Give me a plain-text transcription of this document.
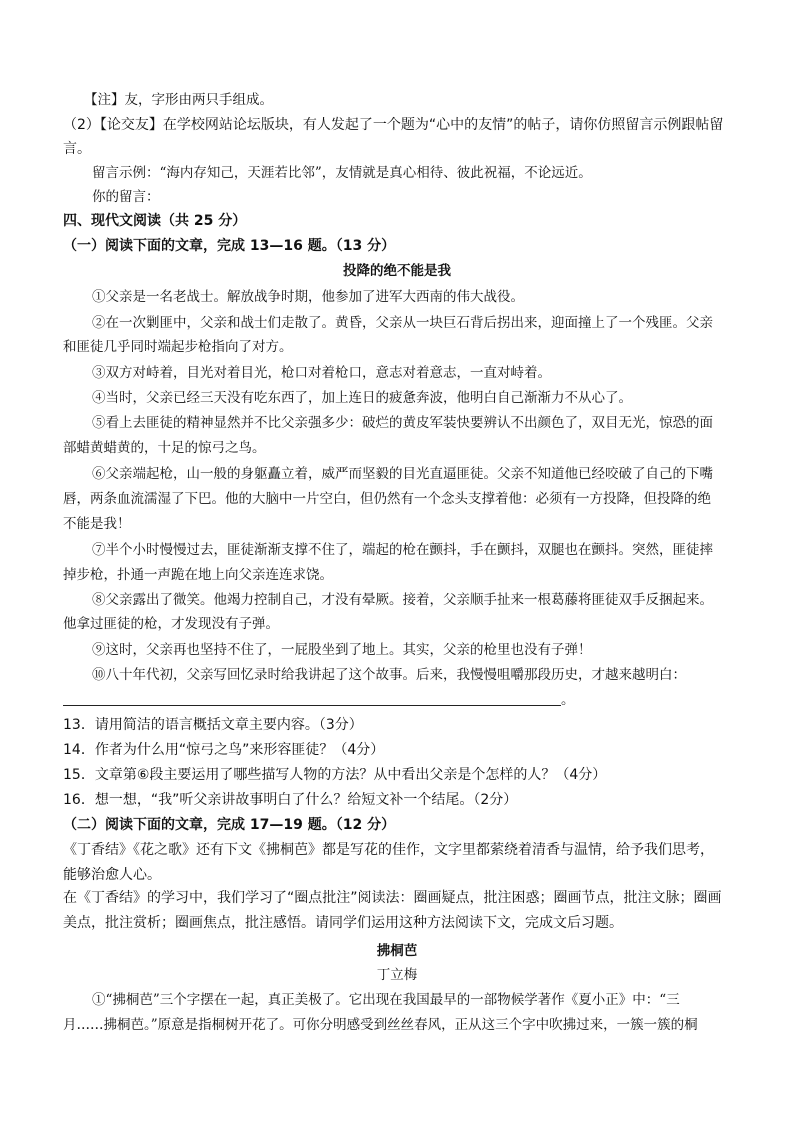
【注】友，字形由两只手组成。
（2）【论交友】在学校网站论坛版块，有人发起了一个题为“心中的友情”的帖子，请你仿照留言示例跟帖留
言。
留言示例：“海内存知己，天涯若比邻”，友情就是真心相待、彼此祝福，不论远近。
你的留言：
四、现代文阅读（共 25 分）
（一）阅读下面的文章，完成 13—16 题。（13 分）
投降的绝不能是我
①父亲是一名老战士。解放战争时期，他参加了进军大西南的伟大战役。
②在一次剿匪中，父亲和战士们走散了。黄昏，父亲从一块巨石背后拐出来，迎面撞上了一个残匪。父亲
和匪徒几乎同时端起步枪指向了对方。
③双方对峙着，目光对着目光，枪口对着枪口，意志对着意志，一直对峙着。
④当时，父亲已经三天没有吃东西了，加上连日的疲惫奔波，他明白自己渐渐力不从心了。
⑤看上去匪徒的精神显然并不比父亲强多少：破烂的黄皮军装快要辨认不出颜色了，双目无光，惊恐的面
部蜡黄蜡黄的，十足的惊弓之鸟。
⑥父亲端起枪，山一般的身躯矗立着，威严而坚毅的目光直逼匪徒。父亲不知道他已经咬破了自己的下嘴
唇，两条血流濡湿了下巴。他的大脑中一片空白，但仍然有一个念头支撑着他：必须有一方投降，但投降的绝
不能是我！
⑦半个小时慢慢过去，匪徒渐渐支撑不住了，端起的枪在颤抖，手在颤抖，双腿也在颤抖。突然，匪徒摔
掉步枪，扑通一声跪在地上向父亲连连求饶。
⑧父亲露出了微笑。他竭力控制自己，才没有晕厥。接着，父亲顺手扯来一根葛藤将匪徒双手反捆起来。
他拿过匪徒的枪，才发现没有子弹。
⑨这时，父亲再也坚持不住了，一屁股坐到了地上。其实，父亲的枪里也没有子弹！
⑩八十年代初，父亲写回忆录时给我讲起了这个故事。后来，我慢慢咀嚼那段历史，才越来越明白：
。
13．请用简洁的语言概括文章主要内容。（3分）
14．作者为什么用“惊弓之鸟”来形容匪徒？（4分）
15．文章第⑥段主要运用了哪些描写人物的方法？从中看出父亲是个怎样的人？（4分）
16．想一想，“我”听父亲讲故事明白了什么？给短文补一个结尾。（2分）
（二）阅读下面的文章，完成 17—19 题。（12 分）
《丁香结》《花之歌》还有下文《拂桐芭》都是写花的佳作，文字里都萦绕着清香与温情，给予我们思考，
能够治愈人心。
在《丁香结》的学习中，我们学习了“圈点批注”阅读法：圈画疑点，批注困惑；圈画节点，批注文脉；圈画
美点，批注赏析；圈画焦点，批注感悟。请同学们运用这种方法阅读下文，完成文后习题。
拂桐芭
丁立梅
①“拂桐芭”三个字摆在一起，真正美极了。它出现在我国最早的一部物候学著作《夏小正》中：“三
月……拂桐芭。”原意是指桐树开花了。可你分明感受到丝丝春风，正从这三个字中吹拂过来，一簇一簇的桐
